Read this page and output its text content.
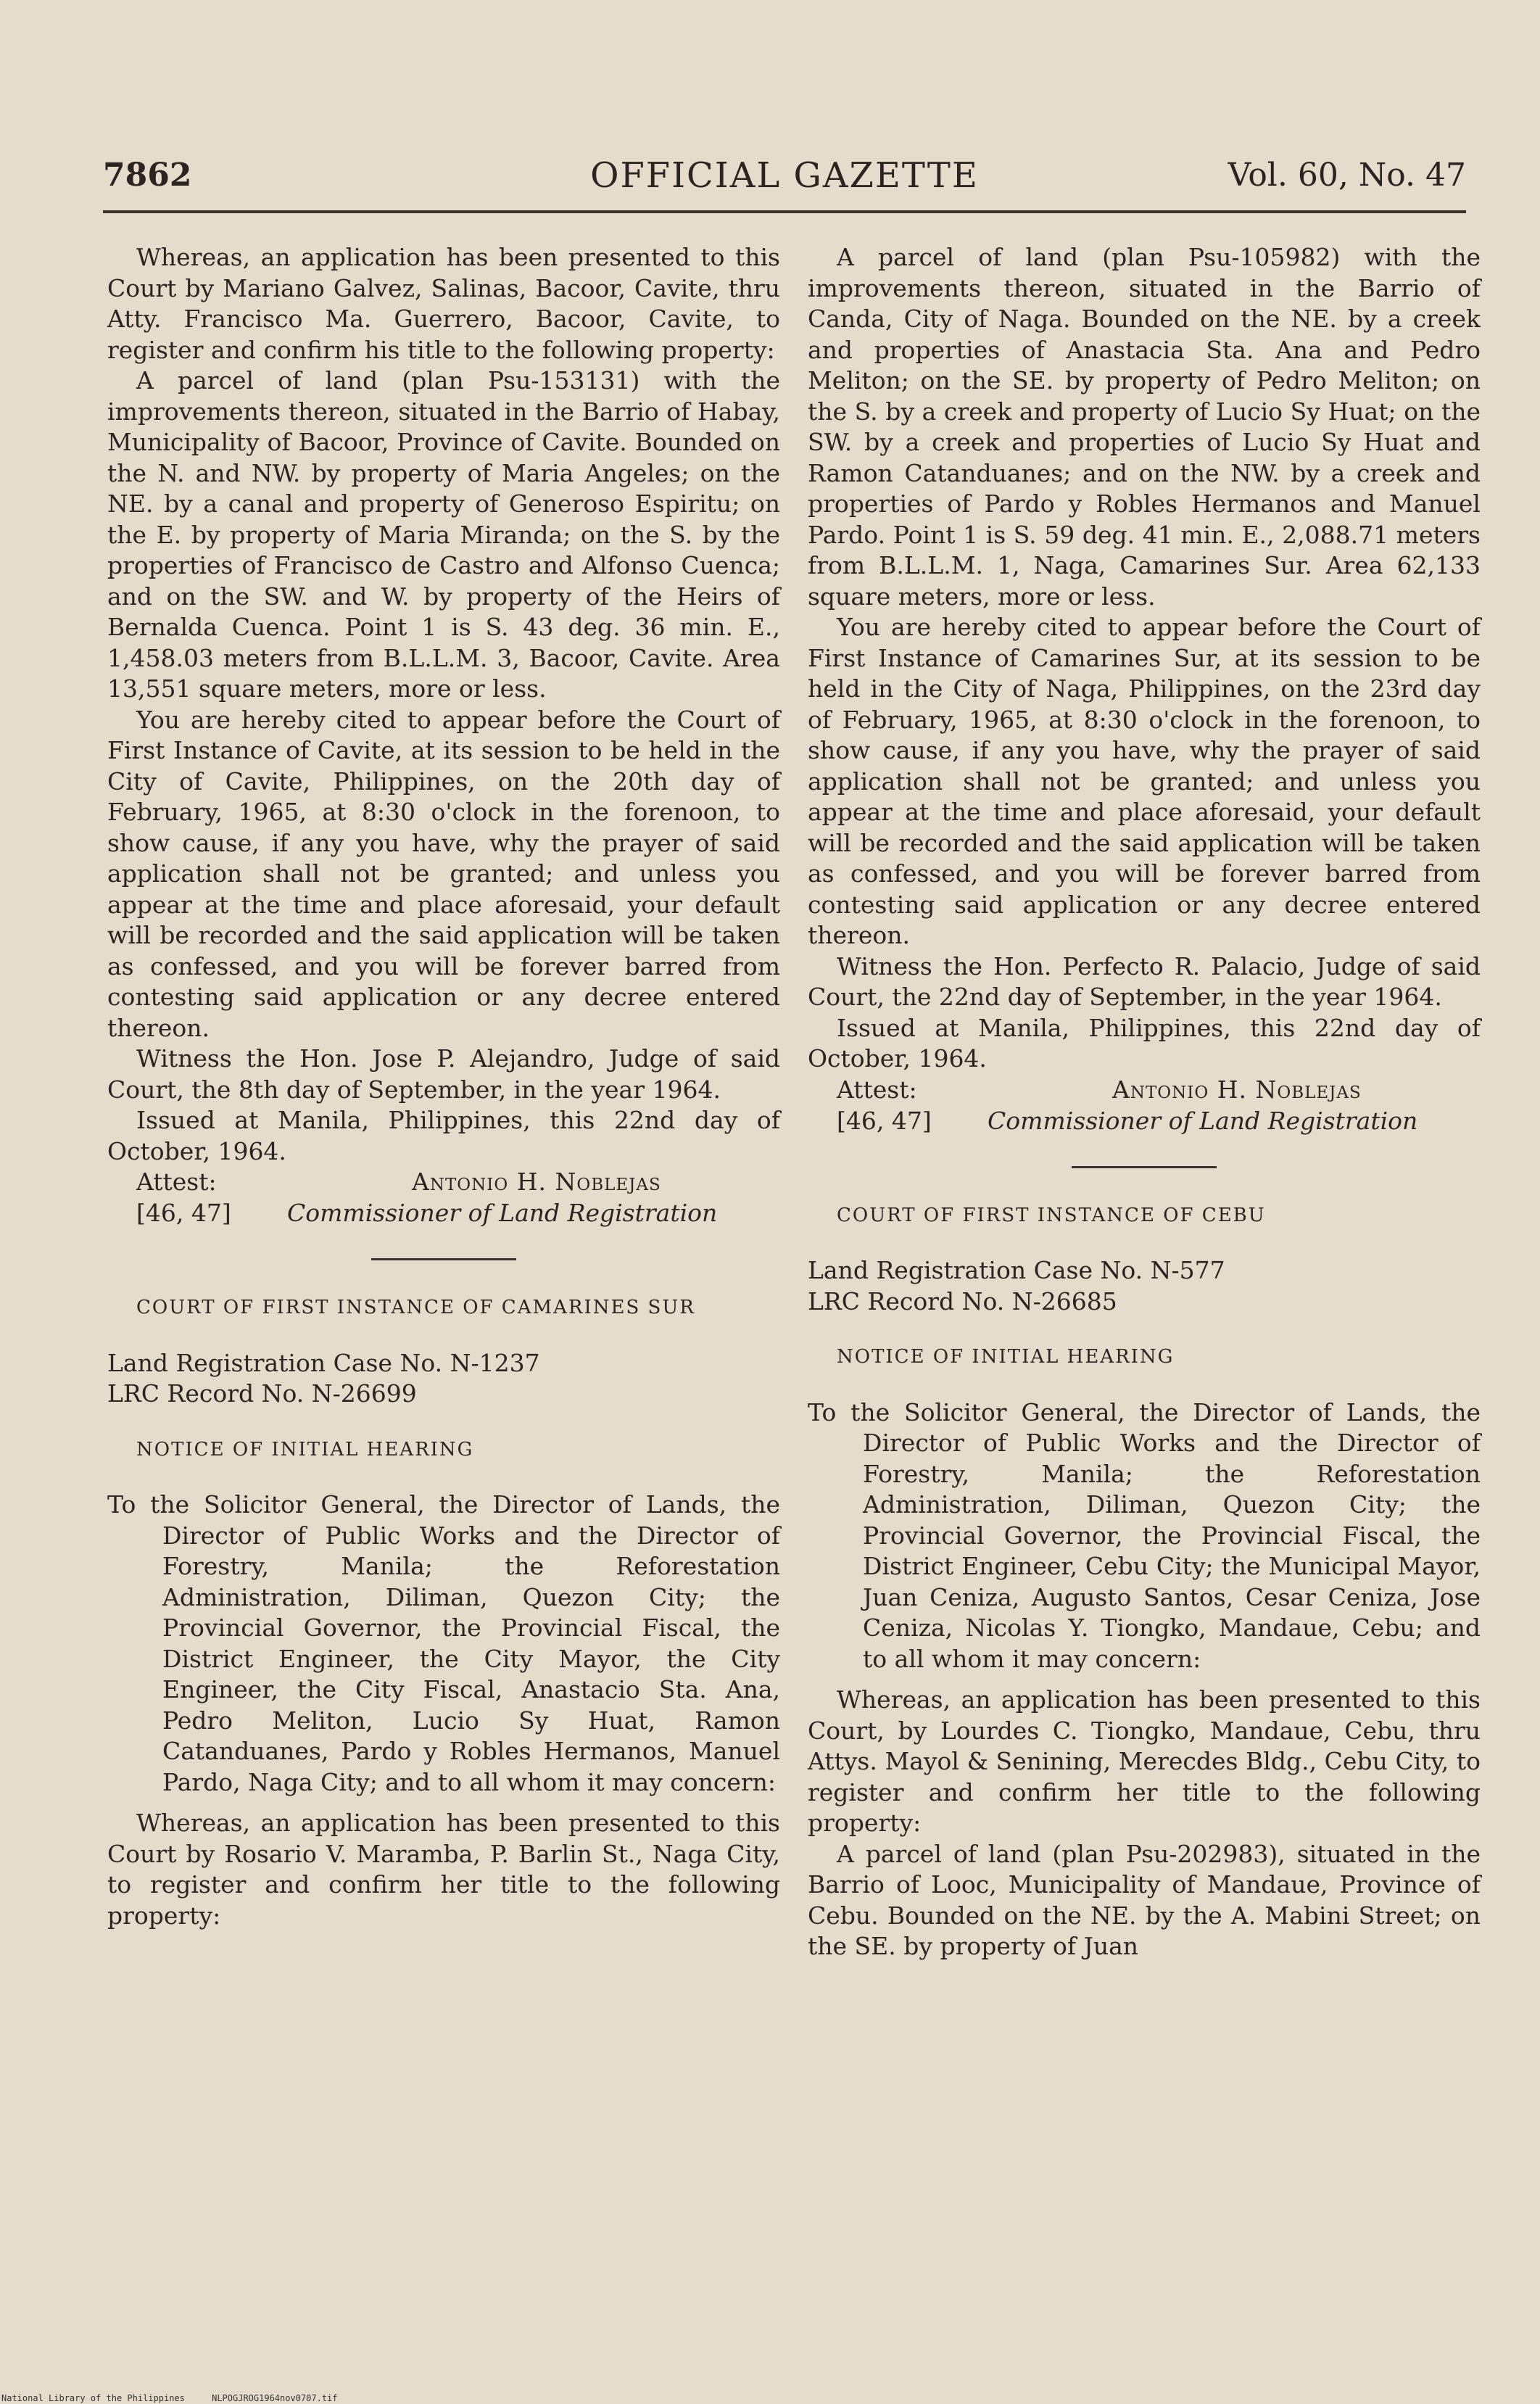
7862	OFFICIAL GAZETTE	Vol. 60, No. 47

Whereas, an application has been presented to this Court by Mariano Galvez, Salinas, Bacoor, Cavite, thru Atty. Francisco Ma. Guerrero, Bacoor, Cavite, to register and confirm his title to the following property:

A parcel of land (plan Psu-153131) with the improvements thereon, situated in the Barrio of Habay, Municipality of Bacoor, Province of Cavite. Bounded on the N. and NW. by property of Maria Angeles; on the NE. by a canal and property of Generoso Espiritu; on the E. by property of Maria Miranda; on the S. by the properties of Francisco de Castro and Alfonso Cuenca; and on the SW. and W. by property of the Heirs of Bernalda Cuenca. Point 1 is S. 43 deg. 36 min. E., 1,458.03 meters from B.L.L.M. 3, Bacoor, Cavite. Area 13,551 square meters, more or less.

You are hereby cited to appear before the Court of First Instance of Cavite, at its session to be held in the City of Cavite, Philippines, on the 20th day of February, 1965, at 8:30 o'clock in the forenoon, to show cause, if any you have, why the prayer of said application shall not be granted; and unless you appear at the time and place aforesaid, your default will be recorded and the said application will be taken as confessed, and you will be forever barred from contesting said application or any decree entered thereon.

Witness the Hon. Jose P. Alejandro, Judge of said Court, the 8th day of September, in the year 1964.

Issued at Manila, Philippines, this 22nd day of October, 1964.

Attest:	Antonio H. Noblejas
[46, 47] Commissioner of Land Registration

COURT OF FIRST INSTANCE OF CAMARINES SUR

Land Registration Case No. N-1237

LRC Record No. N-26699

NOTICE OF INITIAL HEARING

To the Solicitor General, the Director of Lands, the Director of Public Works and the Director of Forestry, Manila; the Reforestation Administration, Diliman, Quezon City; the Provincial Governor, the Provincial Fiscal, the District Engineer, the City Mayor, the City Engineer, the City Fiscal, Anastacio Sta. Ana, Pedro Meliton, Lucio Sy Huat, Ramon Catanduanes, Pardo y Robles Hermanos, Manuel Pardo, Naga City; and to all whom it may concern:

Whereas, an application has been presented to this Court by Rosario V. Maramba, P. Barlin St., Naga City, to register and confirm her title to the following property:

A parcel of land (plan Psu-105982) with the improvements thereon, situated in the Barrio of Canda, City of Naga. Bounded on the NE. by a creek and properties of Anastacia Sta. Ana and Pedro Meliton; on the SE. by property of Pedro Meliton; on the S. by a creek and property of Lucio Sy Huat; on the SW. by a creek and properties of Lucio Sy Huat and Ramon Catanduanes; and on the NW. by a creek and properties of Pardo y Robles Hermanos and Manuel Pardo. Point 1 is S. 59 deg. 41 min. E., 2,088.71 meters from B.L.L.M. 1, Naga, Camarines Sur. Area 62,133 square meters, more or less.

You are hereby cited to appear before the Court of First Instance of Camarines Sur, at its session to be held in the City of Naga, Philippines, on the 23rd day of February, 1965, at 8:30 o'clock in the forenoon, to show cause, if any you have, why the prayer of said application shall not be granted; and unless you appear at the time and place aforesaid, your default will be recorded and the said application will be taken as confessed, and you will be forever barred from contesting said application or any decree entered thereon.

Witness the Hon. Perfecto R. Palacio, Judge of said Court, the 22nd day of September, in the year 1964.

Issued at Manila, Philippines, this 22nd day of October, 1964.

Attest:	Antonio H. Noblejas
[46, 47] Commissioner of Land Registration

COURT OF FIRST INSTANCE OF CEBU

Land Registration Case No. N-577

LRC Record No. N-26685

NOTICE OF INITIAL HEARING

To the Solicitor General, the Director of Lands, the Director of Public Works and the Director of Forestry, Manila; the Reforestation Administration, Diliman, Quezon City; the Provincial Governor, the Provincial Fiscal, the District Engineer, Cebu City; the Municipal Mayor, Juan Ceniza, Augusto Santos, Cesar Ceniza, Jose Ceniza, Nicolas Y. Tiongko, Mandaue, Cebu; and to all whom it may concern:

Whereas, an application has been presented to this Court, by Lourdes C. Tiongko, Mandaue, Cebu, thru Attys. Mayol & Senining, Merecdes Bldg., Cebu City, to register and confirm her title to the following property:

A parcel of land (plan Psu-202983), situated in the Barrio of Looc, Municipality of Mandaue, Province of Cebu. Bounded on the NE. by the A. Mabini Street; on the SE. by property of Juan

National Library of the Philippines	NLPOGJROG1964nov0707.tif
